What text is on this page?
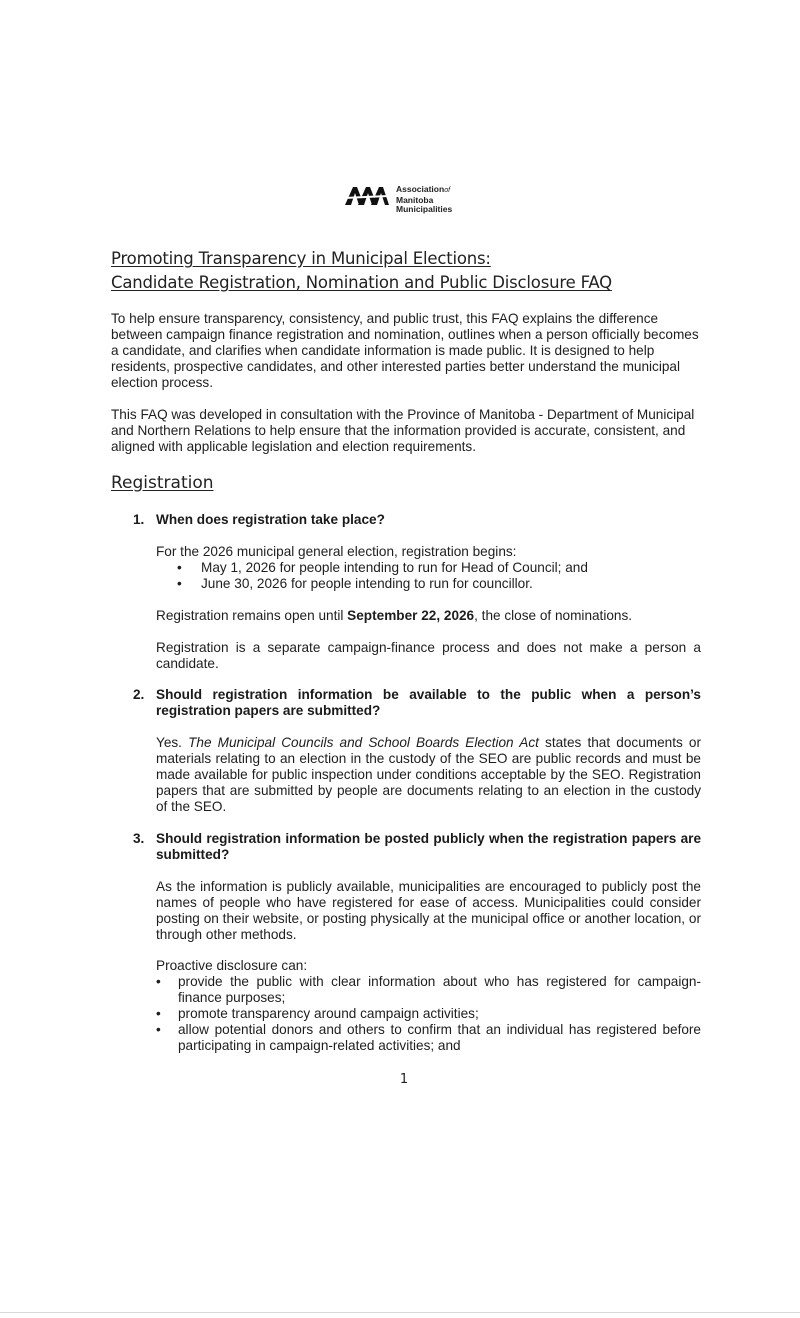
Associationof
Manitoba
Municipalities
Promoting Transparency in Municipal Elections:
Candidate Registration, Nomination and Public Disclosure FAQ

To help ensure transparency, consistency, and public trust, this FAQ explains the difference between campaign finance registration and nomination, outlines when a person officially becomes a candidate, and clarifies when candidate information is made public. It is designed to help residents, prospective candidates, and other interested parties better understand the municipal election process.

This FAQ was developed in consultation with the Province of Manitoba - Department of Municipal and Northern Relations to help ensure that the information provided is accurate, consistent, and aligned with applicable legislation and election requirements.

Registration
1. When does registration take place?
For the 2026 municipal general election, registration begins:
• May 1, 2026 for people intending to run for Head of Council; and
• June 30, 2026 for people intending to run for councillor.
Registration remains open until September 22, 2026, the close of nominations.
Registration is a separate campaign-finance process and does not make a person a candidate.
2. Should registration information be available to the public when a person’s registration papers are submitted?
Yes. The Municipal Councils and School Boards Election Act states that documents or materials relating to an election in the custody of the SEO are public records and must be made available for public inspection under conditions acceptable by the SEO. Registration papers that are submitted by people are documents relating to an election in the custody of the SEO.
3. Should registration information be posted publicly when the registration papers are submitted?
As the information is publicly available, municipalities are encouraged to publicly post the names of people who have registered for ease of access. Municipalities could consider posting on their website, or posting physically at the municipal office or another location, or through other methods.
Proactive disclosure can:
• provide the public with clear information about who has registered for campaign-finance purposes;
• promote transparency around campaign activities;
• allow potential donors and others to confirm that an individual has registered before participating in campaign-related activities; and
1
